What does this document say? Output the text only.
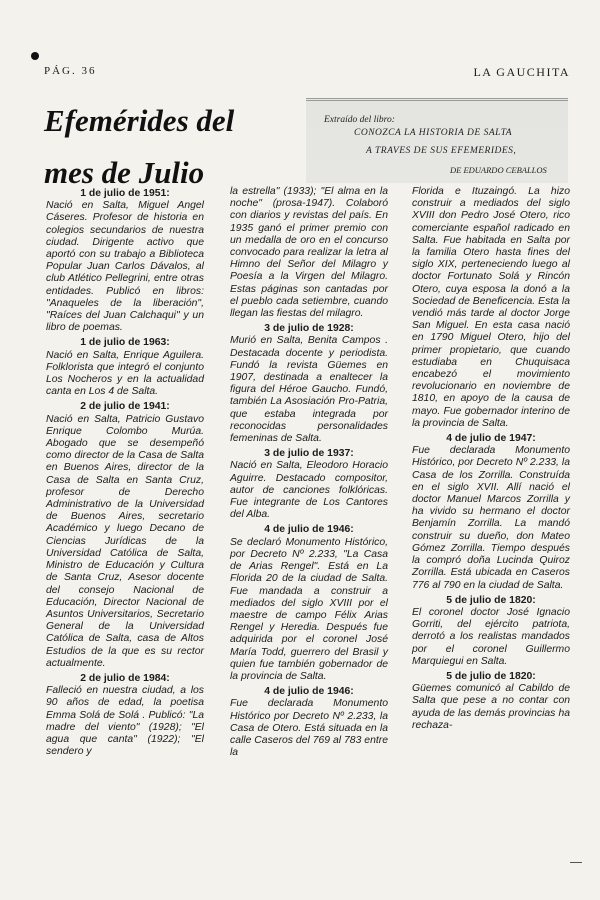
PÁG. 36	LA GAUCHITA
Efemérides del
mes de Julio
Extraído del libro:
CONOZCA LA HISTORIA DE SALTA
A TRAVES DE SUS EFEMERIDES,
DE EDUARDO CEBALLOS
1 de julio de 1951:

Nació en Salta, Miguel Angel Cáseres. Profesor de historia en colegios secundarios de nuestra ciudad. Dirigente activo que aportó con su trabajo a Biblioteca Popular Juan Carlos Dávalos, al club Atlético Pellegrini, entre otras entidades. Publicó en libros: "Anaqueles de la liberación", "Raíces del Juan Calchaqui" y un libro de poemas.

1 de julio de 1963:

Nació en Salta, Enrique Aguilera. Folklorista que integró el conjunto Los Nocheros y en la actualidad canta en Los 4 de Salta.

2 de julio de 1941:

Nació en Salta, Patricio Gustavo Enrique Colombo Murúa. Abogado que se desempeñó como director de la Casa de Salta en Buenos Aires, director de la Casa de Salta en Santa Cruz, profesor de Derecho Administrativo de la Universidad de Buenos Aires, secretario Académico y luego Decano de Ciencias Jurídicas de la Universidad Católica de Salta, Ministro de Educación y Cultura de Santa Cruz, Asesor docente del consejo Nacional de Educación, Director Nacional de Asuntos Universitarios, Secretario General de la Universidad Católica de Salta, casa de Altos Estudios de la que es su rector actualmente.

2 de julio de 1984:

Falleció en nuestra ciudad, a los 90 años de edad, la poetisa Emma Solá de Solá . Publicó: "La madre del viento" (1928); "El agua que canta" (1922); "El sendero y

la estrella" (1933); "El alma en la noche" (prosa-1947). Colaboró con diarios y revistas del país. En 1935 ganó el primer premio con un medalla de oro en el concurso convocado para realizar la letra al Himno del Señor del Milagro y Poesía a la Virgen del Milagro. Estas páginas son cantadas por el pueblo cada setiembre, cuando llegan las fiestas del milagro.

3 de julio de 1928:

Murió en Salta, Benita Campos . Destacada docente y periodista. Fundó la revista Güemes en 1907, destinada a enaltecer la figura del Héroe Gaucho. Fundó, también La Asosiación Pro-Patria, que estaba integrada por reconocidas personalidades femeninas de Salta.

3 de julio de 1937:

Nació en Salta, Eleodoro Horacio Aguirre. Destacado compositor, autor de canciones folklóricas. Fue integrante de Los Cantores del Alba.

4 de julio de 1946:

Se declaró Monumento Histórico, por Decreto Nº 2.233, "La Casa de Arias Rengel". Está en La Florida 20 de la ciudad de Salta. Fue mandada a construir a mediados del siglo XVIII por el maestre de campo Félix Arias Rengel y Heredia. Después fue adquirida por el coronel José María Todd, guerrero del Brasil y quien fue también gobernador de la provincia de Salta.

4 de julio de 1946:

Fue declarada Monumento Histórico por Decreto Nº 2.233, la Casa de Otero. Está situada en la calle Caseros del 769 al 783 entre la

Florida e Ituzaingó. La hizo construir a mediados del siglo XVIII don Pedro José Otero, rico comerciante español radicado en Salta. Fue habitada en Salta por la familia Otero hasta fines del siglo XIX, perteneciendo luego al doctor Fortunato Solá y Rincón Otero, cuya esposa la donó a la Sociedad de Beneficencia. Esta la vendió más tarde al doctor Jorge San Miguel. En esta casa nació en 1790 Miguel Otero, hijo del primer propietario, que cuando estudiaba en Chuquisaca encabezó el movimiento revolucionario en noviembre de 1810, en apoyo de la causa de mayo. Fue gobernador interino de la provincia de Salta.

4 de julio de 1947:

Fue declarada Monumento Histórico, por Decreto Nº 2.233, la Casa de los Zorrilla. Construída en el siglo XVII. Allí nació el doctor Manuel Marcos Zorrilla y ha vivido su hermano el doctor Benjamín Zorrilla. La mandó construir su dueño, don Mateo Gómez Zorrilla. Tiempo después la compró doña Lucinda Quiroz Zorrilla. Está ubicada en Caseros 776 al 790 en la ciudad de Salta.

5 de julio de 1820:

El coronel doctor José Ignacio Gorriti, del ejército patriota, derrotó a los realistas mandados por el coronel Guillermo Marquiegui en Salta.

5 de julio de 1820:

Güemes comunicó al Cabildo de Salta que pese a no contar con ayuda de las demás provincias ha rechaza-
